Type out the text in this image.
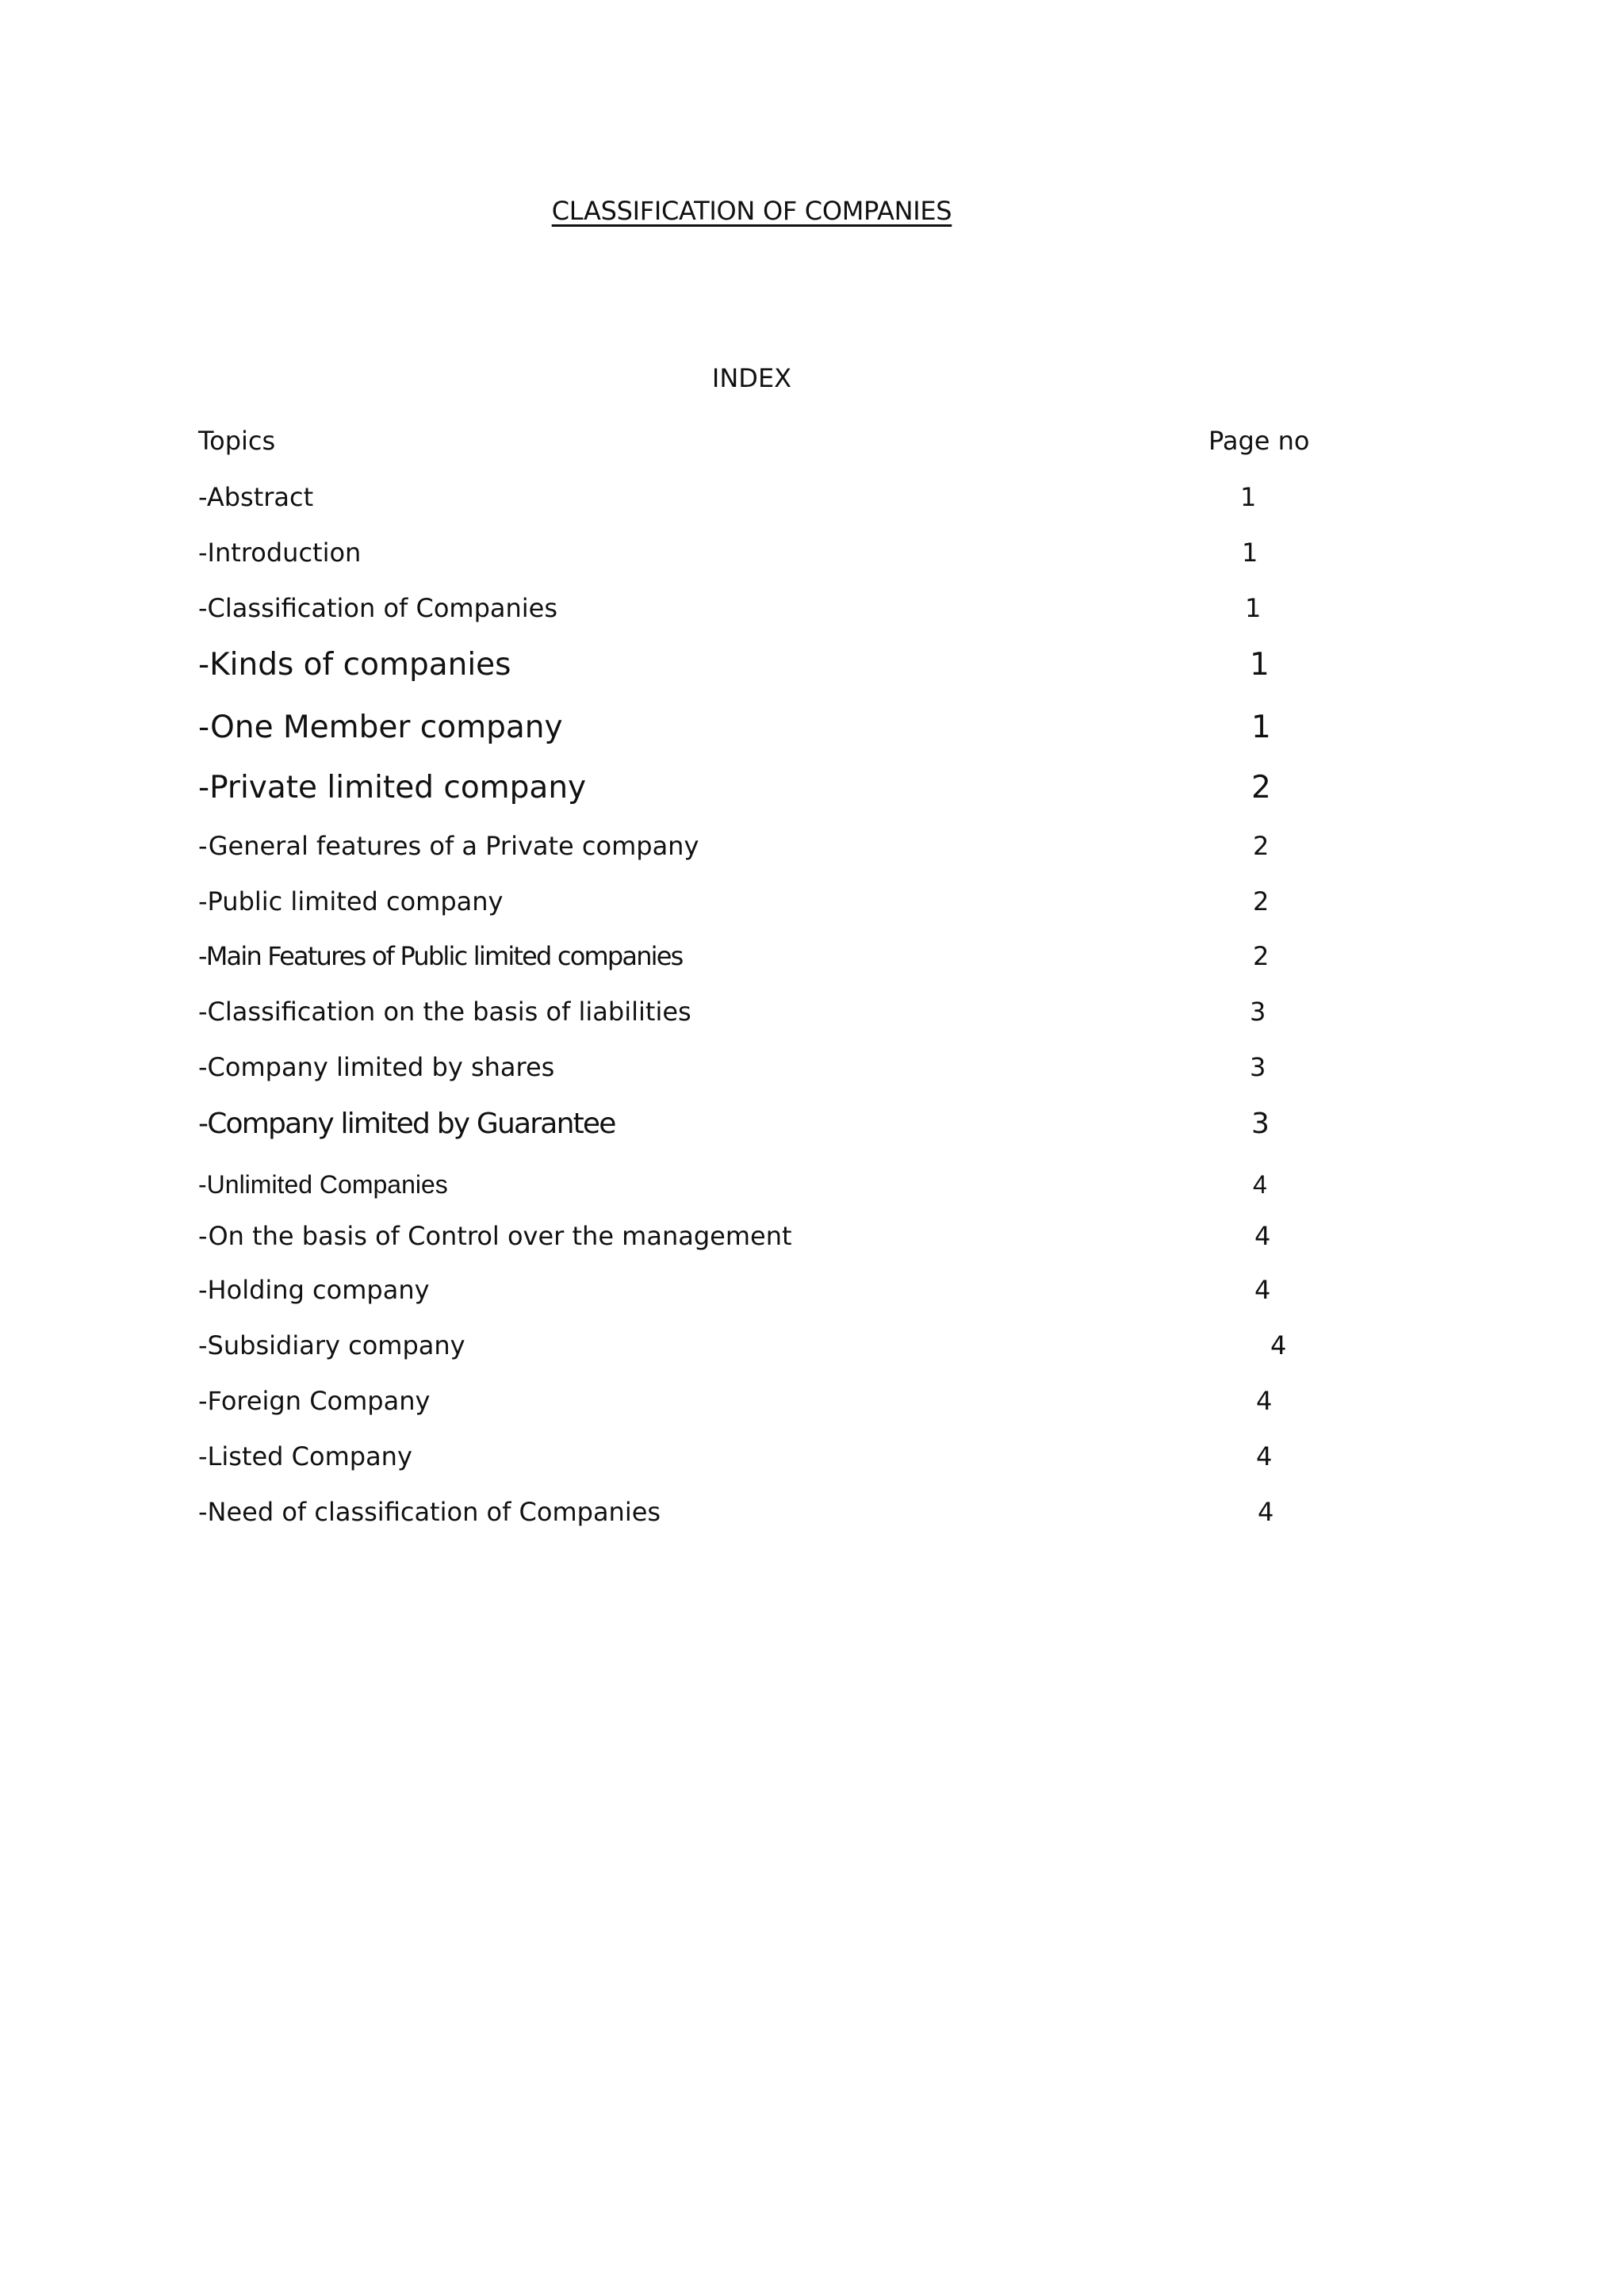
CLASSIFICATION OF COMPANIES
INDEX
Topics	Page no
-Abstract	1
-Introduction	1
-Classification of Companies	1
-Kinds of companies	1
-One Member company	1
-Private limited company	2
-General features of a Private company	2
-Public limited company	2
-Main Features of Public limited companies	2
-Classification on the basis of liabilities	3
-Company limited by shares	3
-Company limited by Guarantee	3
-Unlimited Companies	4
-On the basis of Control over the management	4
-Holding company	4
-Subsidiary company	4
-Foreign Company	4
-Listed Company	4
-Need of classification of Companies	4
